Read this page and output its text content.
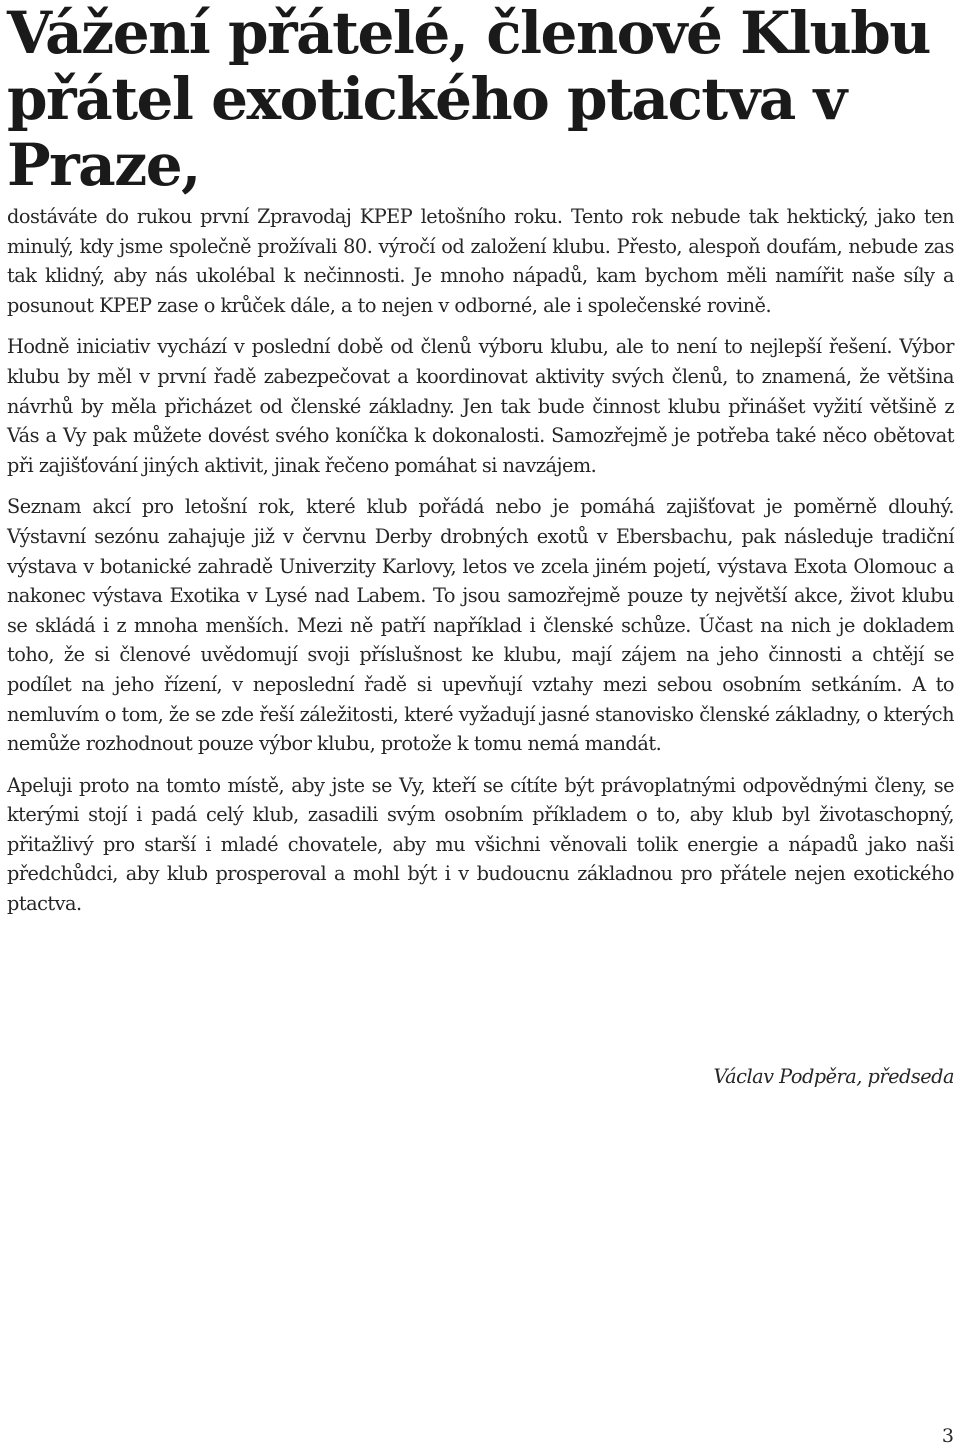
Vážení přátelé, členové Klubu přátel exotického ptactva v Praze,

dostáváte do rukou první Zpravodaj KPEP letošního roku. Tento rok nebude tak hektický, jako ten minulý, kdy jsme společně prožívali 80. výročí od založení klubu. Přesto, alespoň doufám, nebude zas tak klidný, aby nás ukolébal k nečinnosti. Je mnoho nápadů, kam bychom měli namířit naše síly a posunout KPEP zase o krůček dále, a to nejen v odborné, ale i společenské rovině.

Hodně iniciativ vychází v poslední době od členů výboru klubu, ale to není to nejlepší řešení. Výbor klubu by měl v první řadě zabezpečovat a koordinovat aktivity svých členů, to znamená, že většina návrhů by měla přicházet od členské základny. Jen tak bude činnost klubu přinášet vyžití většině z Vás a Vy pak můžete dovést svého koníčka k dokonalosti. Samozřejmě je potřeba také něco obětovat při zajišťování jiných aktivit, jinak řečeno pomáhat si navzájem.

Seznam akcí pro letošní rok, které klub pořádá nebo je pomáhá zajišťovat je poměrně dlouhý. Výstavní sezónu zahajuje již v červnu Derby drobných exotů v Ebersbachu, pak následuje tradiční výstava v botanické zahradě Univerzity Karlovy, letos ve zcela jiném pojetí, výstava Exota Olomouc a nakonec výstava Exotika v Lysé nad Labem. To jsou samozřejmě pouze ty největší akce, život klubu se skládá i z mnoha menších. Mezi ně patří například i členské schůze. Účast na nich je dokladem toho, že si členové uvědomují svoji příslušnost ke klubu, mají zájem na jeho činnosti a chtějí se podílet na jeho řízení, v neposlední řadě si upevňují vztahy mezi sebou osobním setkáním. A to nemluvím o tom, že se zde řeší záležitosti, které vyžadují jasné stanovisko členské základny, o kterých nemůže rozhodnout pouze výbor klubu, protože k tomu nemá mandát.

Apeluji proto na tomto místě, aby jste se Vy, kteří se cítíte být právoplatnými odpovědnými členy, se kterými stojí i padá celý klub, zasadili svým osobním příkladem o to, aby klub byl životaschopný, přitažlivý pro starší i mladé chovatele, aby mu všichni věnovali tolik energie a nápadů jako naši předchůdci, aby klub prosperoval a mohl být i v budoucnu základnou pro přátele nejen exotického ptactva.

Václav Podpěra, předseda
3
